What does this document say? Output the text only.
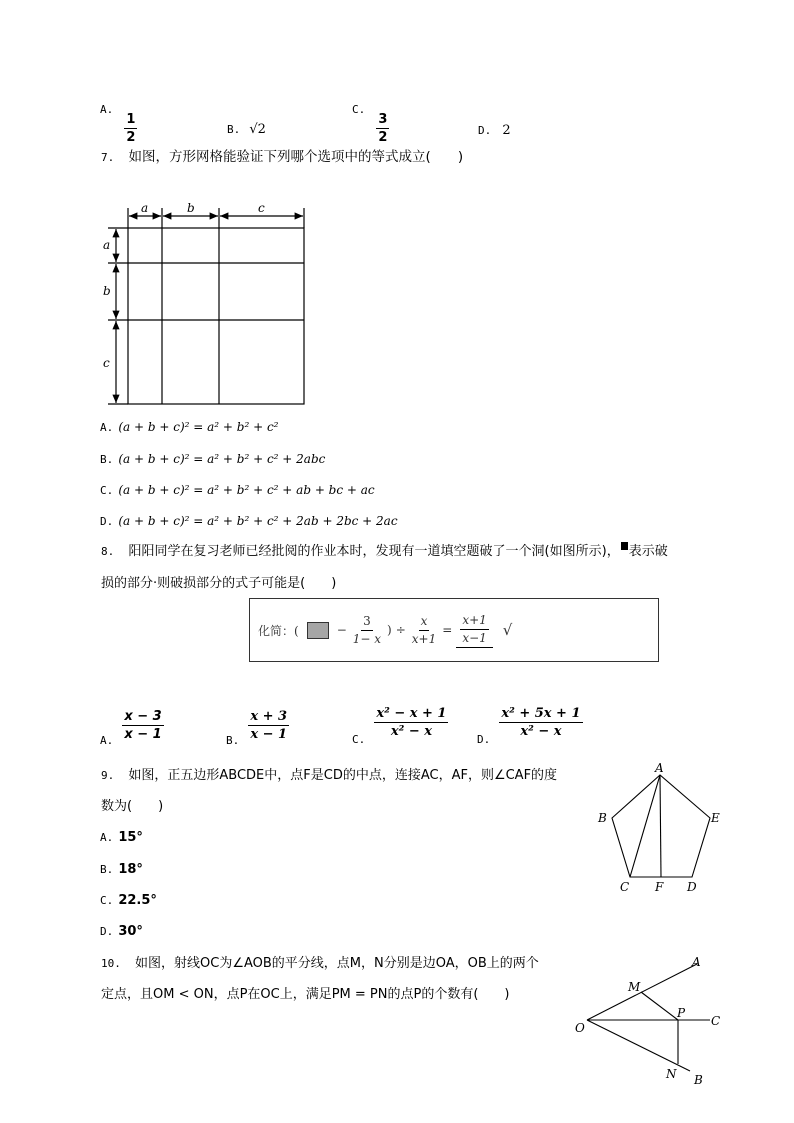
A.
$\frac{1}{2}$	B. √2
C.
$\frac{3}{2}$	D. 2
7. 如图，方形网格能验证下列哪个选项中的等式成立(　　)
a	b	c
a
b
c
A
B
C	D
E
F
A
M
P
C
O
N B
A. (a + b + c)² = a² + b² + c²
B. (a + b + c)² = a² + b² + c² + 2abc
C. (a + b + c)² = a² + b² + c² + ab + bc + ac
D. (a + b + c)² = a² + b² + c² + 2ab + 2bc + 2ac
8. 阳阳同学在复习老师已经批阅的作业本时，发现有一道填空题破了一个洞(如图所示)， 表示破
损的部分·则破损部分的式子可能是(　　)
化简：(	− $\frac{3}{1- x}$ ) ÷ $\frac{x}{x+1} = \frac{x+1}{x-1}$ √
$_{A.} \frac{x - 3}{x - 1}$	$_{B.} \frac{x + 3}{x - 1}$	$_{C.} \frac{\text{x² − x + 1}}{\text{x² − x}}$	$_{D.} \frac{\text{x² + 5x + 1}}{\text{x² − x}}$
9. 如图，正五边形ABCDE中，点F是CD的中点，连接AC，AF，则∠CAF的度
数为(　　)
A. 15°
B. 18°
C. 22.5°
D. 30°
10. 如图，射线OC为∠AOB的平分线，点M，N分别是边OA，OB上的两个
定点，且OM < ON，点P在OC上，满足PM = PN的点P的个数有(　　)
